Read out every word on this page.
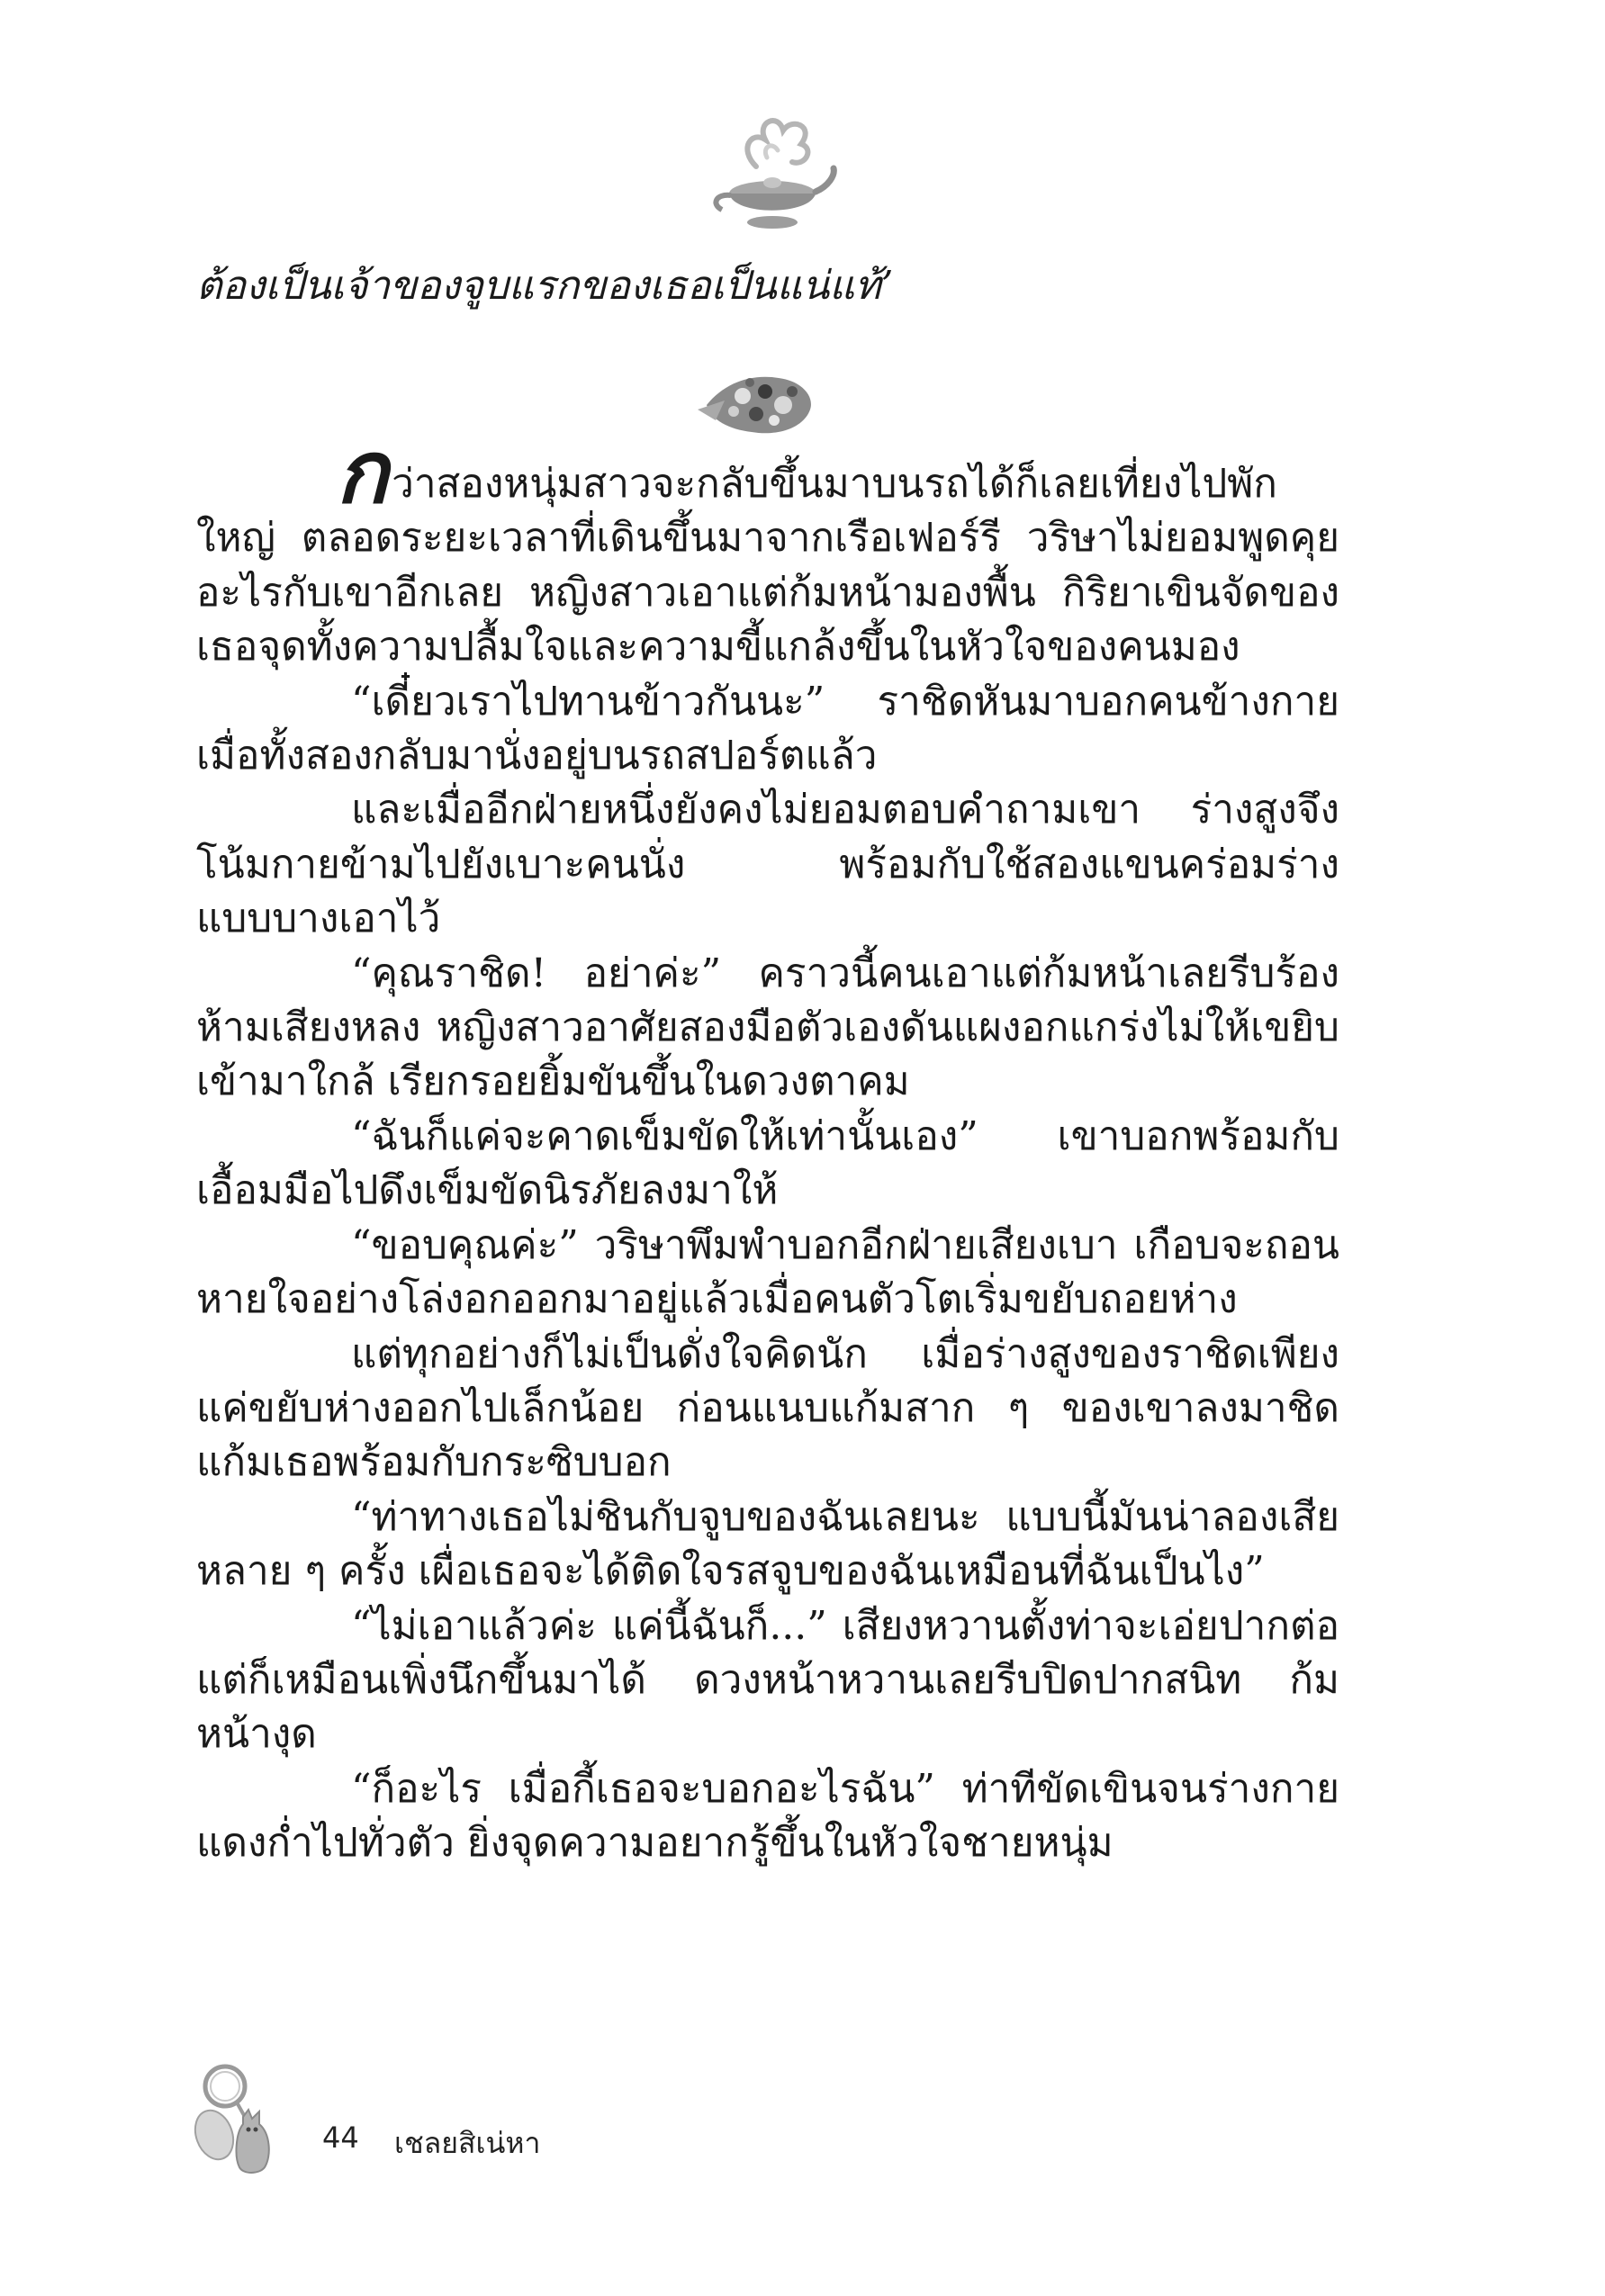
ต้องเป็นเจ้าของจูบแรกของเธอเป็นแน่แท้’

กว่าสองหนุ่มสาวจะกลับขึ้นมาบนรถได้ก็เลยเที่ยงไปพักใหญ่ ตลอดระยะเวลาที่เดินขึ้นมาจากเรือเฟอร์รี วริษาไม่ยอมพูดคุยอะไรกับเขาอีกเลย หญิงสาวเอาแต่ก้มหน้ามองพื้น กิริยาเขินจัดของเธอจุดทั้งความปลื้มใจและความขี้แกล้งขึ้นในหัวใจของคนมอง

“เดี๋ยวเราไปทานข้าวกันนะ” ราชิดหันมาบอกคนข้างกาย เมื่อทั้งสองกลับมานั่งอยู่บนรถสปอร์ตแล้ว

และเมื่ออีกฝ่ายหนึ่งยังคงไม่ยอมตอบคำถามเขา ร่างสูงจึงโน้มกายข้ามไปยังเบาะคนนั่ง พร้อมกับใช้สองแขนคร่อมร่างแบบบางเอาไว้

“คุณราชิด! อย่าค่ะ” คราวนี้คนเอาแต่ก้มหน้าเลยรีบร้องห้ามเสียงหลง หญิงสาวอาศัยสองมือตัวเองดันแผงอกแกร่งไม่ให้เขยิบเข้ามาใกล้ เรียกรอยยิ้มขันขึ้นในดวงตาคม

“ฉันก็แค่จะคาดเข็มขัดให้เท่านั้นเอง” เขาบอกพร้อมกับเอื้อมมือไปดึงเข็มขัดนิรภัยลงมาให้

“ขอบคุณค่ะ” วริษาพึมพำบอกอีกฝ่ายเสียงเบา เกือบจะถอนหายใจอย่างโล่งอกออกมาอยู่แล้วเมื่อคนตัวโตเริ่มขยับถอยห่าง

แต่ทุกอย่างก็ไม่เป็นดั่งใจคิดนัก เมื่อร่างสูงของราชิดเพียงแค่ขยับห่างออกไปเล็กน้อย ก่อนแนบแก้มสาก ๆ ของเขาลงมาชิดแก้มเธอพร้อมกับกระซิบบอก

“ท่าทางเธอไม่ชินกับจูบของฉันเลยนะ แบบนี้มันน่าลองเสียหลาย ๆ ครั้ง เผื่อเธอจะได้ติดใจรสจูบของฉันเหมือนที่ฉันเป็นไง”

“ไม่เอาแล้วค่ะ แค่นี้ฉันก็...” เสียงหวานตั้งท่าจะเอ่ยปากต่อแต่ก็เหมือนเพิ่งนึกขึ้นมาได้ ดวงหน้าหวานเลยรีบปิดปากสนิท ก้มหน้างุด

“ก็อะไร เมื่อกี้เธอจะบอกอะไรฉัน” ท่าทีขัดเขินจนร่างกายแดงก่ำไปทั่วตัว ยิ่งจุดความอยากรู้ขึ้นในหัวใจชายหนุ่ม

44 เชลยสิเน่หา
